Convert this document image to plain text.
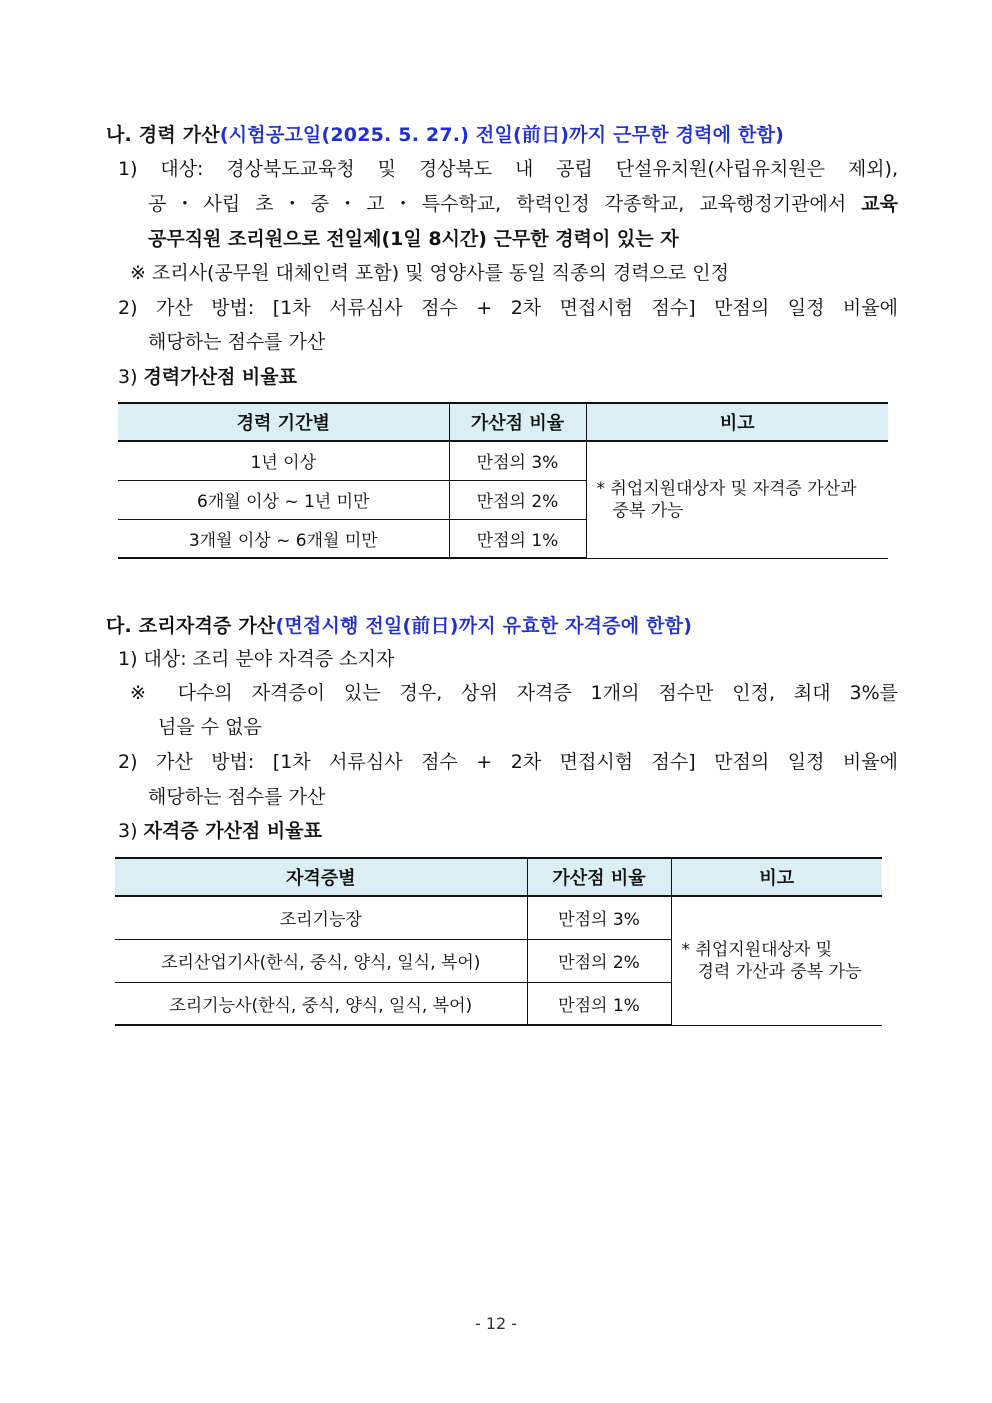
나. 경력 가산(시험공고일(2025. 5. 27.) 전일(前日)까지 근무한 경력에 한함)
1) 대상: 경상북도교육청 및 경상북도 내 공립 단설유치원(사립유치원은 제외),
공・사립 초・중・고・특수학교, 학력인정 각종학교, 교육행정기관에서 교육
공무직원 조리원으로 전일제(1일 8시간) 근무한 경력이 있는 자
※ 조리사(공무원 대체인력 포함) 및 영양사를 동일 직종의 경력으로 인정
2) 가산 방법: [1차 서류심사 점수 + 2차 면접시험 점수] 만점의 일정 비율에
해당하는 점수를 가산
3) 경력가산점 비율표
경력 기간별	가산점 비율	비고
1년 이상	만점의 3%	* 취업지원대상자 및 자격증 가산과
중복 가능

6개월 이상 ~ 1년 미만	만점의 2%	
3개월 이상 ~ 6개월 미만	만점의 1%	
다. 조리자격증 가산(면접시행 전일(前日)까지 유효한 자격증에 한함)
1) 대상: 조리 분야 자격증 소지자
※ 다수의 자격증이 있는 경우, 상위 자격증 1개의 점수만 인정, 최대 3%를
넘을 수 없음
2) 가산 방법: [1차 서류심사 점수 + 2차 면접시험 점수] 만점의 일정 비율에
해당하는 점수를 가산
3) 자격증 가산점 비율표
자격증별	가산점 비율	비고
조리기능장	만점의 3%	* 취업지원대상자 및
경력 가산과 중복 가능

조리산업기사(한식, 중식, 양식, 일식, 복어)	만점의 2%	
조리기능사(한식, 중식, 양식, 일식, 복어)	만점의 1%	
- 12 -
